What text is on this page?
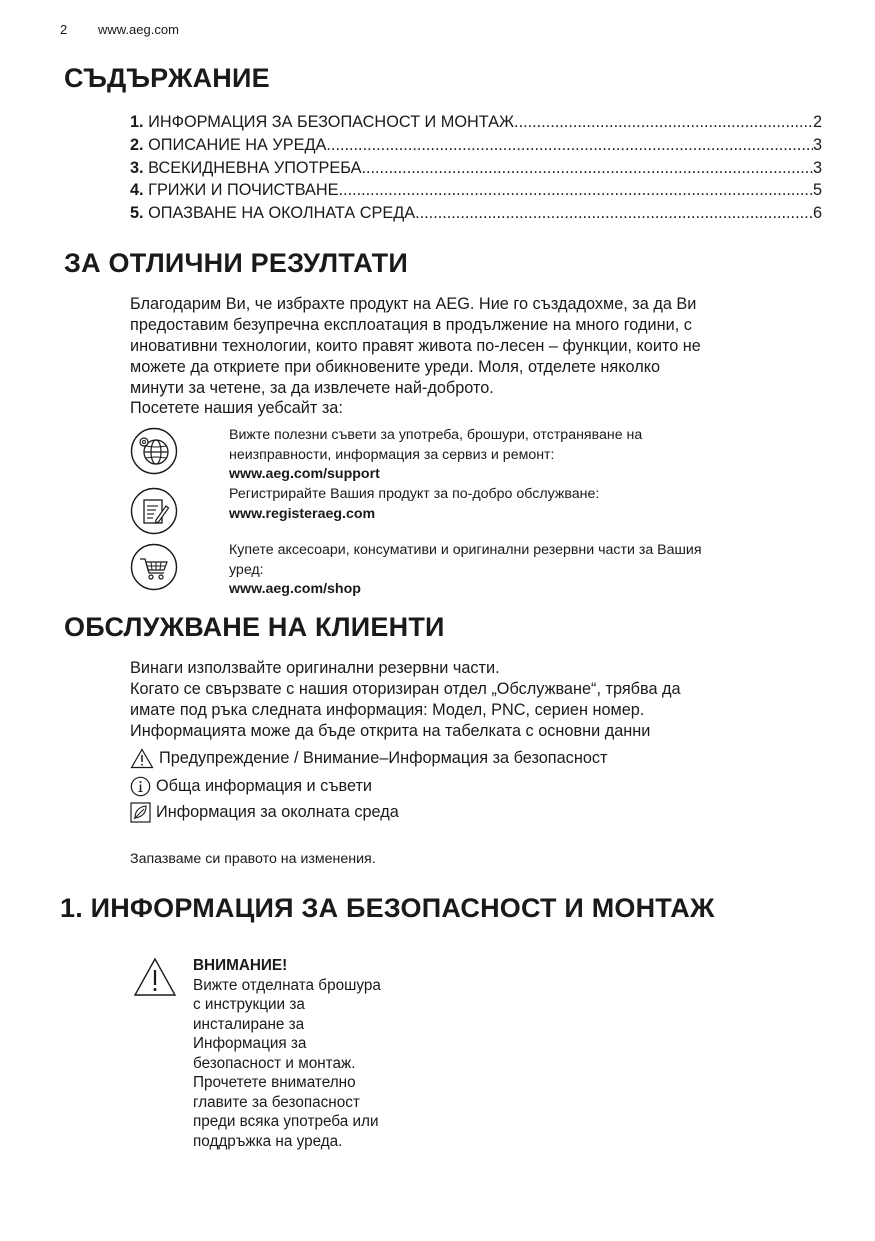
2 www.aeg.com
СЪДЪРЖАНИЕ
1. ИНФОРМАЦИЯ ЗА БЕЗОПАСНОСТ И МОНТАЖ .....	2
2. ОПИСАНИЕ НА УРЕДА .....	3
3. ВСЕКИДНЕВНА УПОТРЕБА .....	3
4. ГРИЖИ И ПОЧИСТВАНЕ .....	5
5. ОПАЗВАНЕ НА ОКОЛНАТА СРЕДА .....	6
ЗА ОТЛИЧНИ РЕЗУЛТАТИ
Благодарим Ви, че избрахте продукт на AEG. Ние го създадохме, за да Ви
предоставим безупречна експлоатация в продължение на много години, с
иновативни технологии, които правят живота по-лесен – функции, които не
можете да откриете при обикновените уреди. Моля, отделете няколко
минути за четене, за да извлечете най-доброто.
Посетете нашия уебсайт за:
Вижте полезни съвети за употреба, брошури, отстраняване на
неизправности, информация за сервиз и ремонт:
www.aeg.com/support
Регистрирайте Вашия продукт за по-добро обслужване:
www.registeraeg.com
Купете аксесоари, консумативи и оригинални резервни части за Вашия
уред:
www.aeg.com/shop
ОБСЛУЖВАНЕ НА КЛИЕНТИ
Винаги използвайте оригинални резервни части.
Когато се свързвате с нашия оторизиран отдел „Обслужване“, трябва да
имате под ръка следната информация: Модел, PNC, сериен номер.
Информацията може да бъде открита на табелката с основни данни
Предупреждение / Внимание–Информация за безопасност
Обща информация и съвети
Информация за околната среда
Запазваме си правото на изменения.
1. ИНФОРМАЦИЯ ЗА БЕЗОПАСНОСТ И МОНТАЖ
ВНИМАНИЕ!
Вижте отделната брошура
с инструкции за
инсталиране за
Информация за
безопасност и монтаж.
Прочетете внимателно
главите за безопасност
преди всяка употреба или
поддръжка на уреда.
